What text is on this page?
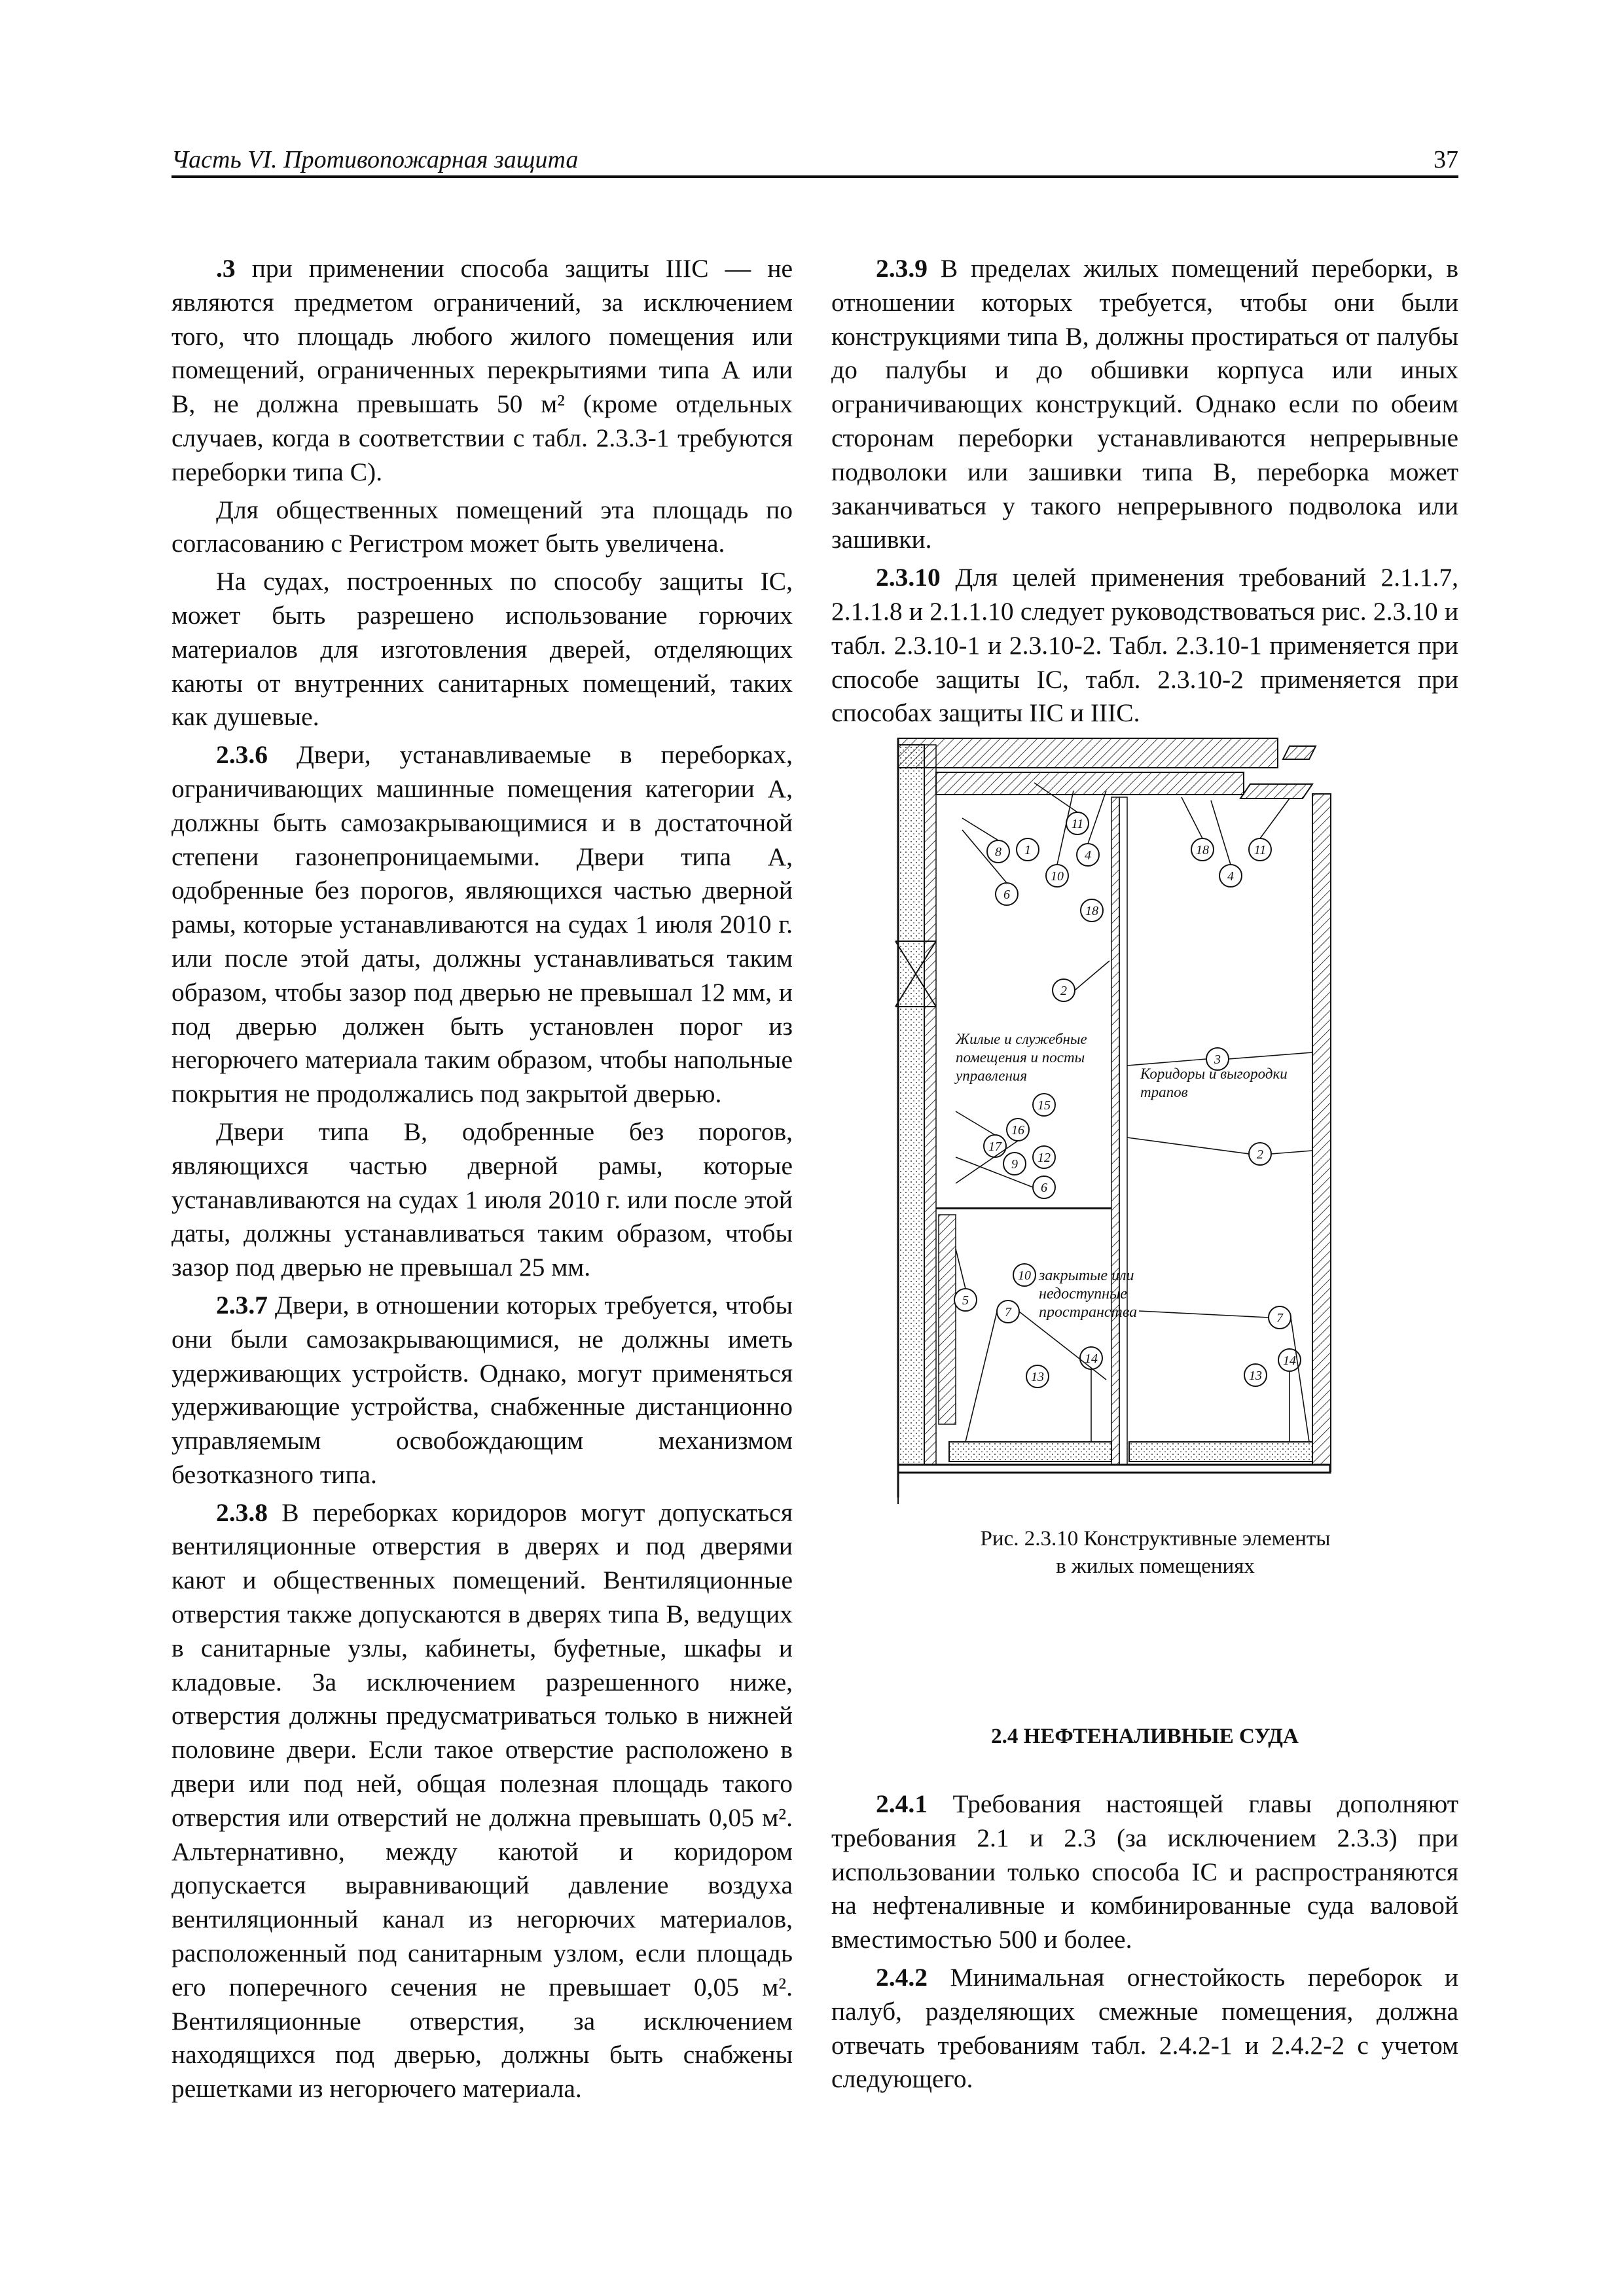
Часть VI. Противопожарная защита	37

.3 при применении способа защиты IIIC — не являются предметом ограничений, за исключением того, что площадь любого жилого помещения или помещений, ограниченных перекрытиями типа А или В, не должна превышать 50 м² (кроме отдельных случаев, когда в соответствии с табл. 2.3.3-1 требуются переборки типа С).

Для общественных помещений эта площадь по согласованию с Регистром может быть увеличена.

На судах, построенных по способу защиты IC, может быть разрешено использование горючих материалов для изготовления дверей, отделяющих каюты от внутренних санитарных помещений, таких как душевые.

2.3.6 Двери, устанавливаемые в переборках, ограничивающих машинные помещения категории А, должны быть самозакрывающимися и в достаточной степени газонепроницаемыми. Двери типа А, одобренные без порогов, являющихся частью дверной рамы, которые устанавливаются на судах 1 июля 2010 г. или после этой даты, должны устанавливаться таким образом, чтобы зазор под дверью не превышал 12 мм, и под дверью должен быть установлен порог из негорючего материала таким образом, чтобы напольные покрытия не продолжались под закрытой дверью.

Двери типа В, одобренные без порогов, являющихся частью дверной рамы, которые устанавливаются на судах 1 июля 2010 г. или после этой даты, должны устанавливаться таким образом, чтобы зазор под дверью не превышал 25 мм.

2.3.7 Двери, в отношении которых требуется, чтобы они были самозакрывающимися, не должны иметь удерживающих устройств. Однако, могут применяться удерживающие устройства, снабженные дистанционно управляемым освобождающим механизмом безотказного типа.

2.3.8 В переборках коридоров могут допускаться вентиляционные отверстия в дверях и под дверями кают и общественных помещений. Вентиляционные отверстия также допускаются в дверях типа В, ведущих в санитарные узлы, кабинеты, буфетные, шкафы и кладовые. За исключением разрешенного ниже, отверстия должны предусматриваться только в нижней половине двери. Если такое отверстие расположено в двери или под ней, общая полезная площадь такого отверстия или отверстий не должна превышать 0,05 м². Альтернативно, между каютой и коридором допускается выравнивающий давление воздуха вентиляционный канал из негорючих материалов, расположенный под санитарным узлом, если площадь его поперечного сечения не превышает 0,05 м². Вентиляционные отверстия, за исключением находящихся под дверью, должны быть снабжены решетками из негорючего материала.

2.3.9 В пределах жилых помещений переборки, в отношении которых требуется, чтобы они были конструкциями типа В, должны простираться от палубы до палубы и до обшивки корпуса или иных ограничивающих конструкций. Однако если по обеим сторонам переборки устанавливаются непрерывные подволоки или зашивки типа В, переборка может заканчиваться у такого непрерывного подволока или зашивки.

2.3.10 Для целей применения требований 2.1.1.7, 2.1.1.8 и 2.1.1.10 следует руководствоваться рис. 2.3.10 и табл. 2.3.10-1 и 2.3.10-2. Табл. 2.3.10-1 применяется при способе защиты IC, табл. 2.3.10-2 применяется при способах защиты IIC и IIIC.

11
8 1	4
10
6
18
18	11
4
2
3
2
15
16
17
9 12
6
10
5
7
14
13
7
14
13
Жилые и служебные
помещения и посты
управления	Коридоры и выгородки
трапов
закрытые или
недоступные
пространства
Рис. 2.3.10 Конструктивные элементы
в жилых помещениях
2.4 НЕФТЕНАЛИВНЫЕ СУДА

2.4.1 Требования настоящей главы дополняют требования 2.1 и 2.3 (за исключением 2.3.3) при использовании только способа IC и распространяются на нефтеналивные и комбинированные суда валовой вместимостью 500 и более.

2.4.2 Минимальная огнестойкость переборок и палуб, разделяющих смежные помещения, должна отвечать требованиям табл. 2.4.2-1 и 2.4.2-2 с учетом следующего.
